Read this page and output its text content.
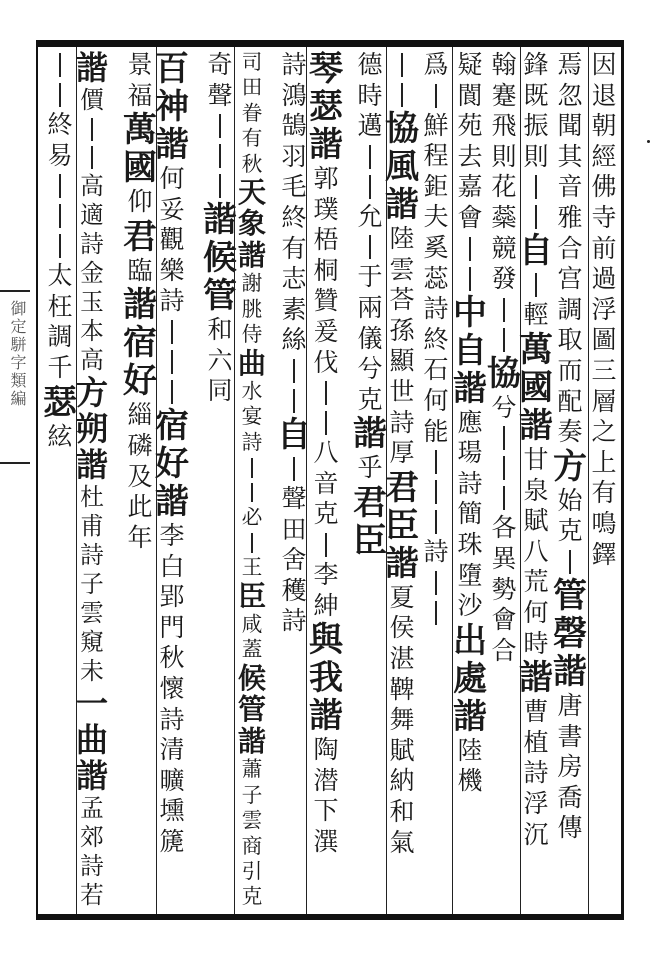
御定駢字類編
因
退
朝
經
佛
寺
前
過
浮
圖
三
層
之
上
有
鳴
鐸
焉
忽
聞
其
音
雅
合
宫
調
取
而
配
奏
方
始
克
管
磬
諧
唐
書
房
喬
傳
鋒
既
振
則
自
輕
萬
國
諧
甘
泉
賦
八
荒
何
時
諧
曹
植
詩
浮
沉
翰
蹇
飛
則
花
蘂
競
發
協
兮
各
異
勢
會
合
疑
閬
苑
去
嘉
會
中
自
諧
應
瑒
詩
簡
珠
墮
沙
出
處
諧
陸
機
爲
鮮
程
鉅
夫
奚
蕊
詩
終
石
何
能
詩
協
風
諧
陸
雲
荅
孫
顯
世
詩
厚
君
臣
諧
夏
侯
湛
鞞
舞
賦
納
和
氣
德
時
邁
允
于
兩
儀
兮
克
諧
乎
君
臣
琴
瑟
諧
郭
璞
梧
桐
贊
爰
伐
八
音
克
李
紳
與
我
諧
陶
潜
下
潠
詩
鴻
鵠
羽
毛
終
有
志
素
絲
自
聲
田
舍
穫
詩
司
田
眷
有
秋
天
象
諧
謝
朓
侍
曲
水
宴
詩
必
王
臣
咸
蓋
候
管
諧
蕭
子
雲
商
引
克
奇
聲
諧
候
管
和
六
同
百
神
諧
何
妥
觀
樂
詩
宿
好
諧
李
白
郢
門
秋
懷
詩
清
曠
壎
篪
景
福
萬
國
仰
君
臨
諧
宿
好
緇
磷
及
此
年
諧
價
高
適
詩
金
玉
本
高
方
朔
諧
杜
甫
詩
子
雲
窺
未
一
曲
諧
孟
郊
詩
若
終
易
太
枉
調
千
瑟
絃
